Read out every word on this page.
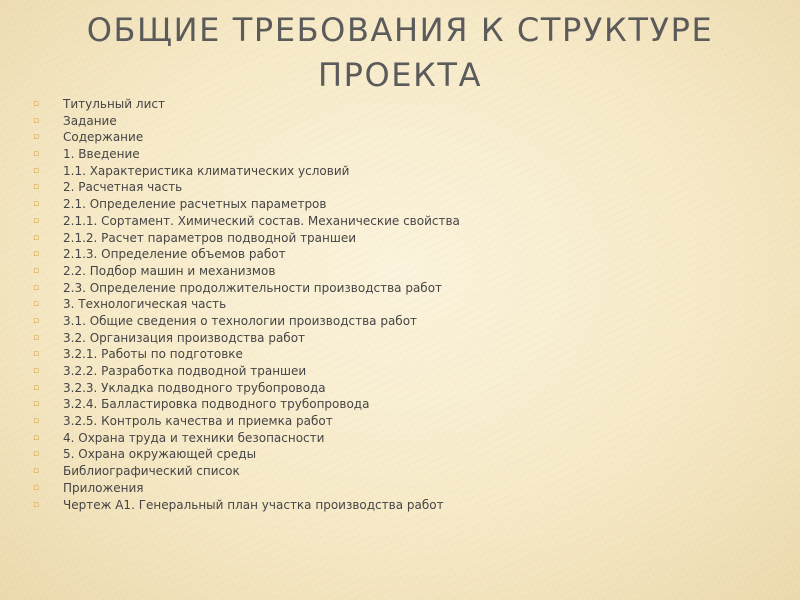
ОБЩИЕ ТРЕБОВАНИЯ К СТРУКТУРЕ ПРОЕКТА
▫ Титульный лист
▫ Задание
▫ Содержание
▫ 1. Введение
▫ 1.1. Характеристика климатических условий
▫ 2. Расчетная часть
▫ 2.1. Определение расчетных параметров
▫ 2.1.1. Сортамент. Химический состав. Механические свойства
▫ 2.1.2. Расчет параметров подводной траншеи
▫ 2.1.3. Определение объемов работ
▫ 2.2. Подбор машин и механизмов
▫ 2.3. Определение продолжительности производства работ
▫ 3. Технологическая часть
▫ 3.1. Общие сведения о технологии производства работ
▫ 3.2. Организация производства работ
▫ 3.2.1. Работы по подготовке
▫ 3.2.2. Разработка подводной траншеи
▫ 3.2.3. Укладка подводного трубопровода
▫ 3.2.4. Балластировка подводного трубопровода
▫ 3.2.5. Контроль качества и приемка работ
▫ 4. Охрана труда и техники безопасности
▫ 5. Охрана окружающей среды
▫ Библиографический список
▫ Приложения
▫ Чертеж А1. Генеральный план участка производства работ
